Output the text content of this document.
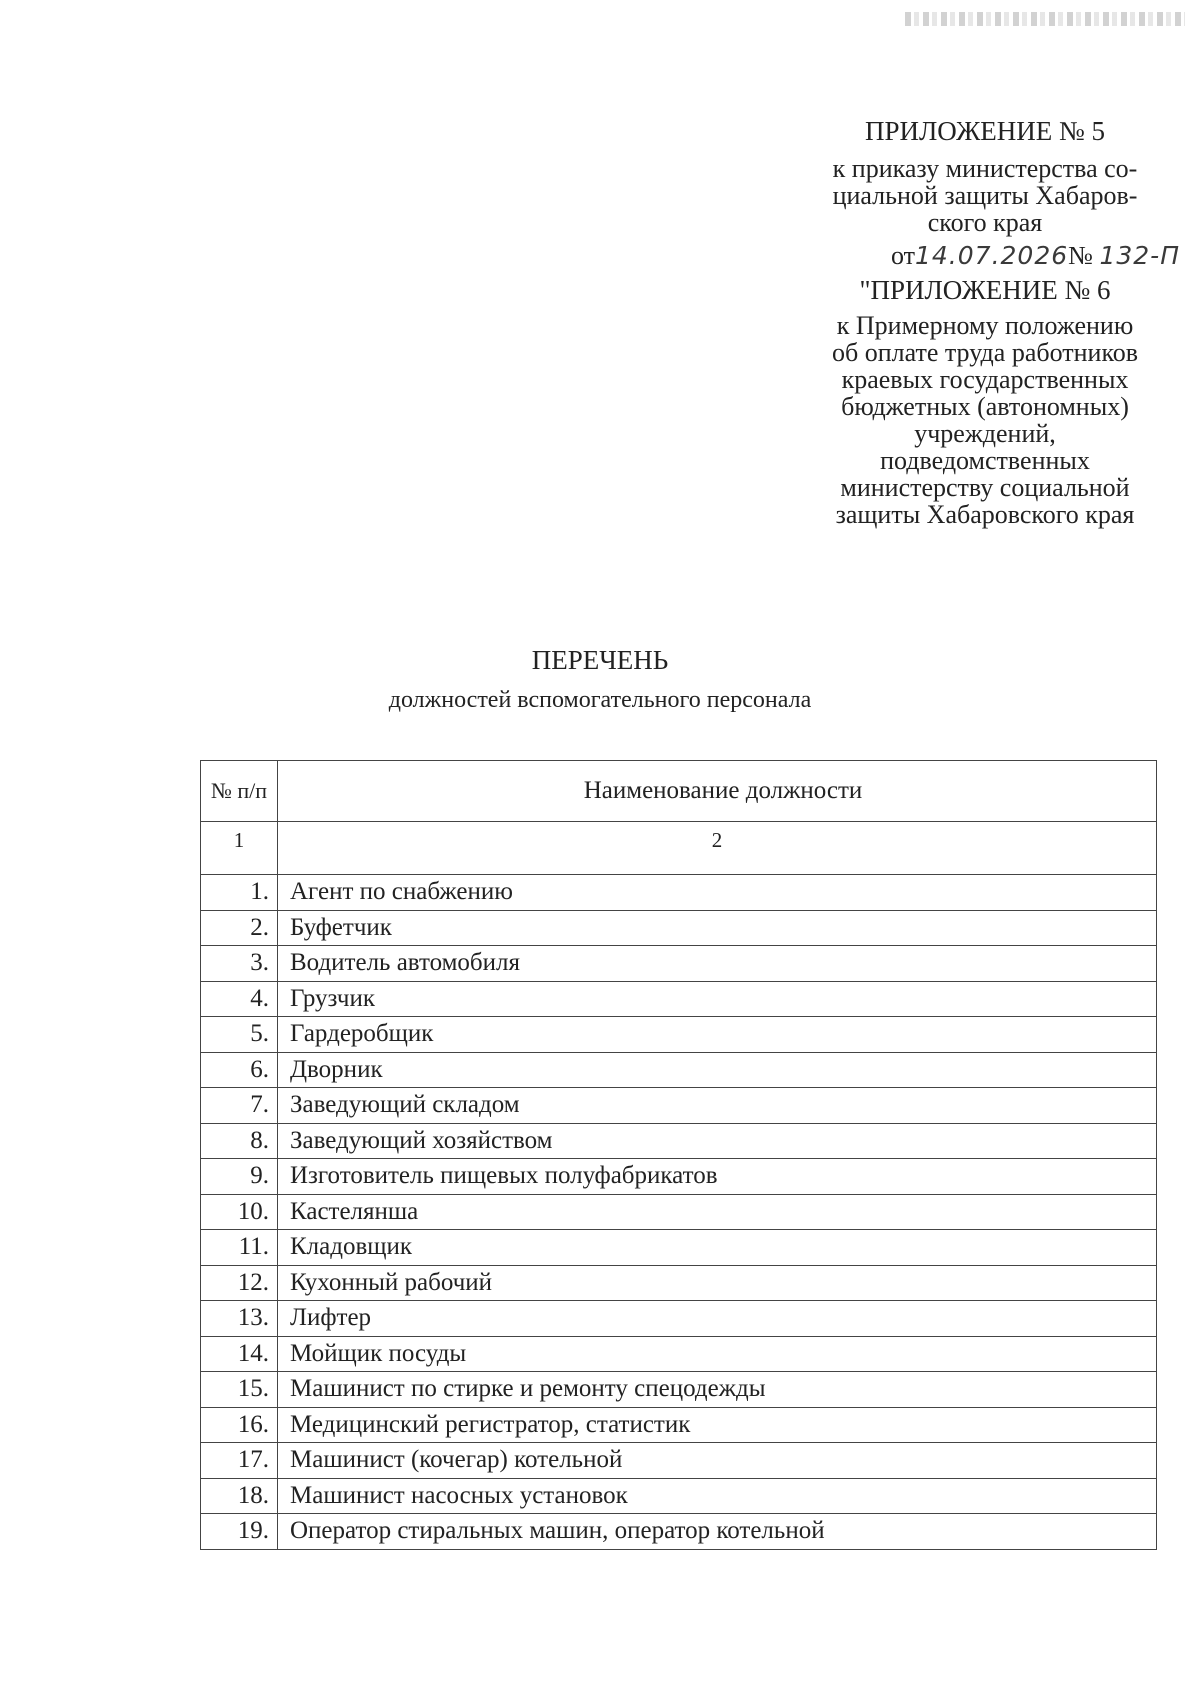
ПРИЛОЖЕНИЕ № 5
к приказу министерства со-
циальной защиты Хабаров-
ского края
от14.07.2026№ 132-П
"ПРИЛОЖЕНИЕ № 6
к Примерному положению
об оплате труда работников
краевых государственных
бюджетных (автономных)
учреждений,
подведомственных
министерству социальной
защиты Хабаровского края
ПЕРЕЧЕНЬ
должностей вспомогательного персонала
№ п/п	Наименование должности
1	2
1.	Агент по снабжению
2.	Буфетчик
3.	Водитель автомобиля
4.	Грузчик
5.	Гардеробщик
6.	Дворник
7.	Заведующий складом
8.	Заведующий хозяйством
9.	Изготовитель пищевых полуфабрикатов
10.	Кастелянша
11.	Кладовщик
12.	Кухонный рабочий
13.	Лифтер
14.	Мойщик посуды
15.	Машинист по стирке и ремонту спецодежды
16.	Медицинский регистратор, статистик
17.	Машинист (кочегар) котельной
18.	Машинист насосных установок
19.	Оператор стиральных машин, оператор котельной
